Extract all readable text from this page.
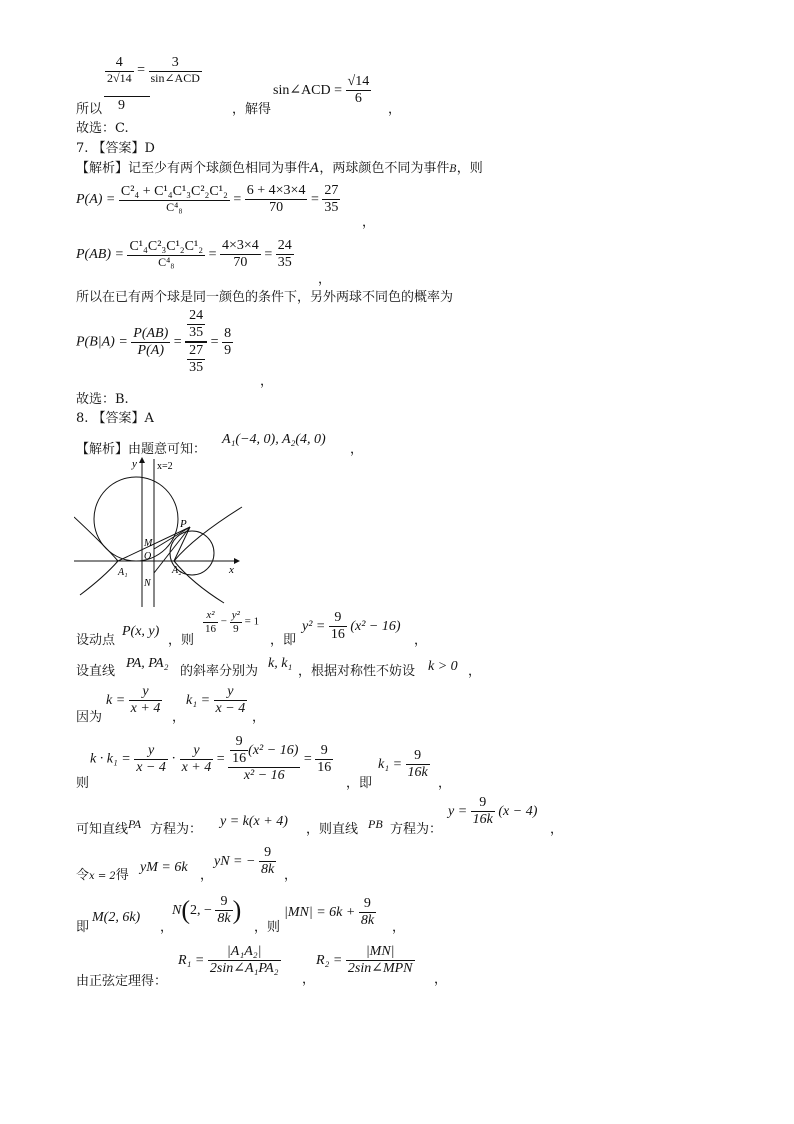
$\frac{4}{2√14} = \frac{3}{\text{sin∠ACD}}$
9
所以	，解得
sin∠ACD = $\frac{√14}{6}$
，
故选：C.
7. 【答案】D
【解析】记至少有两个球颜色相同为事件A，两球颜色不同为事件B，则
$P(A) = \frac{\text{C²₄ + C¹₄C¹₃C²₂C¹₂}}{\text{C⁴₈}} = \frac{6 + 4\times 3\times 4}{70} = \frac{27}{35}$
，
$P(AB) = \frac{\text{C¹₄C²₃C¹₂C¹₂}}{\text{C⁴₈}} = \frac{4\times 3\times 4}{70} = \frac{24}{35}$
，
所以在已有两个球是同一颜色的条件下，另外两球不同色的概率为
$P(B|A) = \frac{P(AB)}{P(A)} = \frac{\frac{24}{35}}{\frac{27}{35}} = \frac{8}{9}$
，
故选：B.
8. 【答案】A
【解析】由题意可知：
A₁(−4, 0), A₂(4, 0)
，
y x=2
x
P
M
O
N
A₁	A₂
设动点
P(x, y)
，则
$\frac{\text{x²}}{16} - \frac{\text{y²}}{9} = 1$
，即
$y^2 = \frac{9}{16} (x^2 - 16)$
，
设直线
PA, PA₂
的斜率分别为
k, k₁
，根据对称性不妨设 k > 0 ，
因为
$k = \frac{y}{x + 4}$
，
$k_1 = \frac{y}{x - 4}$
，
则
$k \cdot k_1 = \frac{y}{x - 4} \cdot \frac{y}{x + 4} = \frac{\frac{9}{16} (x^2 - 16)}{\text{x² − 16}} = \frac{9}{16}$
，即
$k_1 = \frac{9}{16k}$
，
可知直线 PA 方程为：
y = k(x + 4)
，则直线 PB 方程为：
$y = \frac{9}{16k} (x - 4)$
，
令x = 2得
yM = 6k
，
yN = − $\frac{9}{8k}$ ，
即
M(2, 6k)
，
N(2, − $\frac{9}{8k}$ )
，则
$|MN| = 6k + \frac{9}{8k}$ ，
由正弦定理得：
$R_1 = \frac{\text{|A₁A₂|}}{\text{2sin∠A₁PA₂}}$
，
$R_2 = \frac{|MN|}{\text{2sin∠MPN}}$
，
